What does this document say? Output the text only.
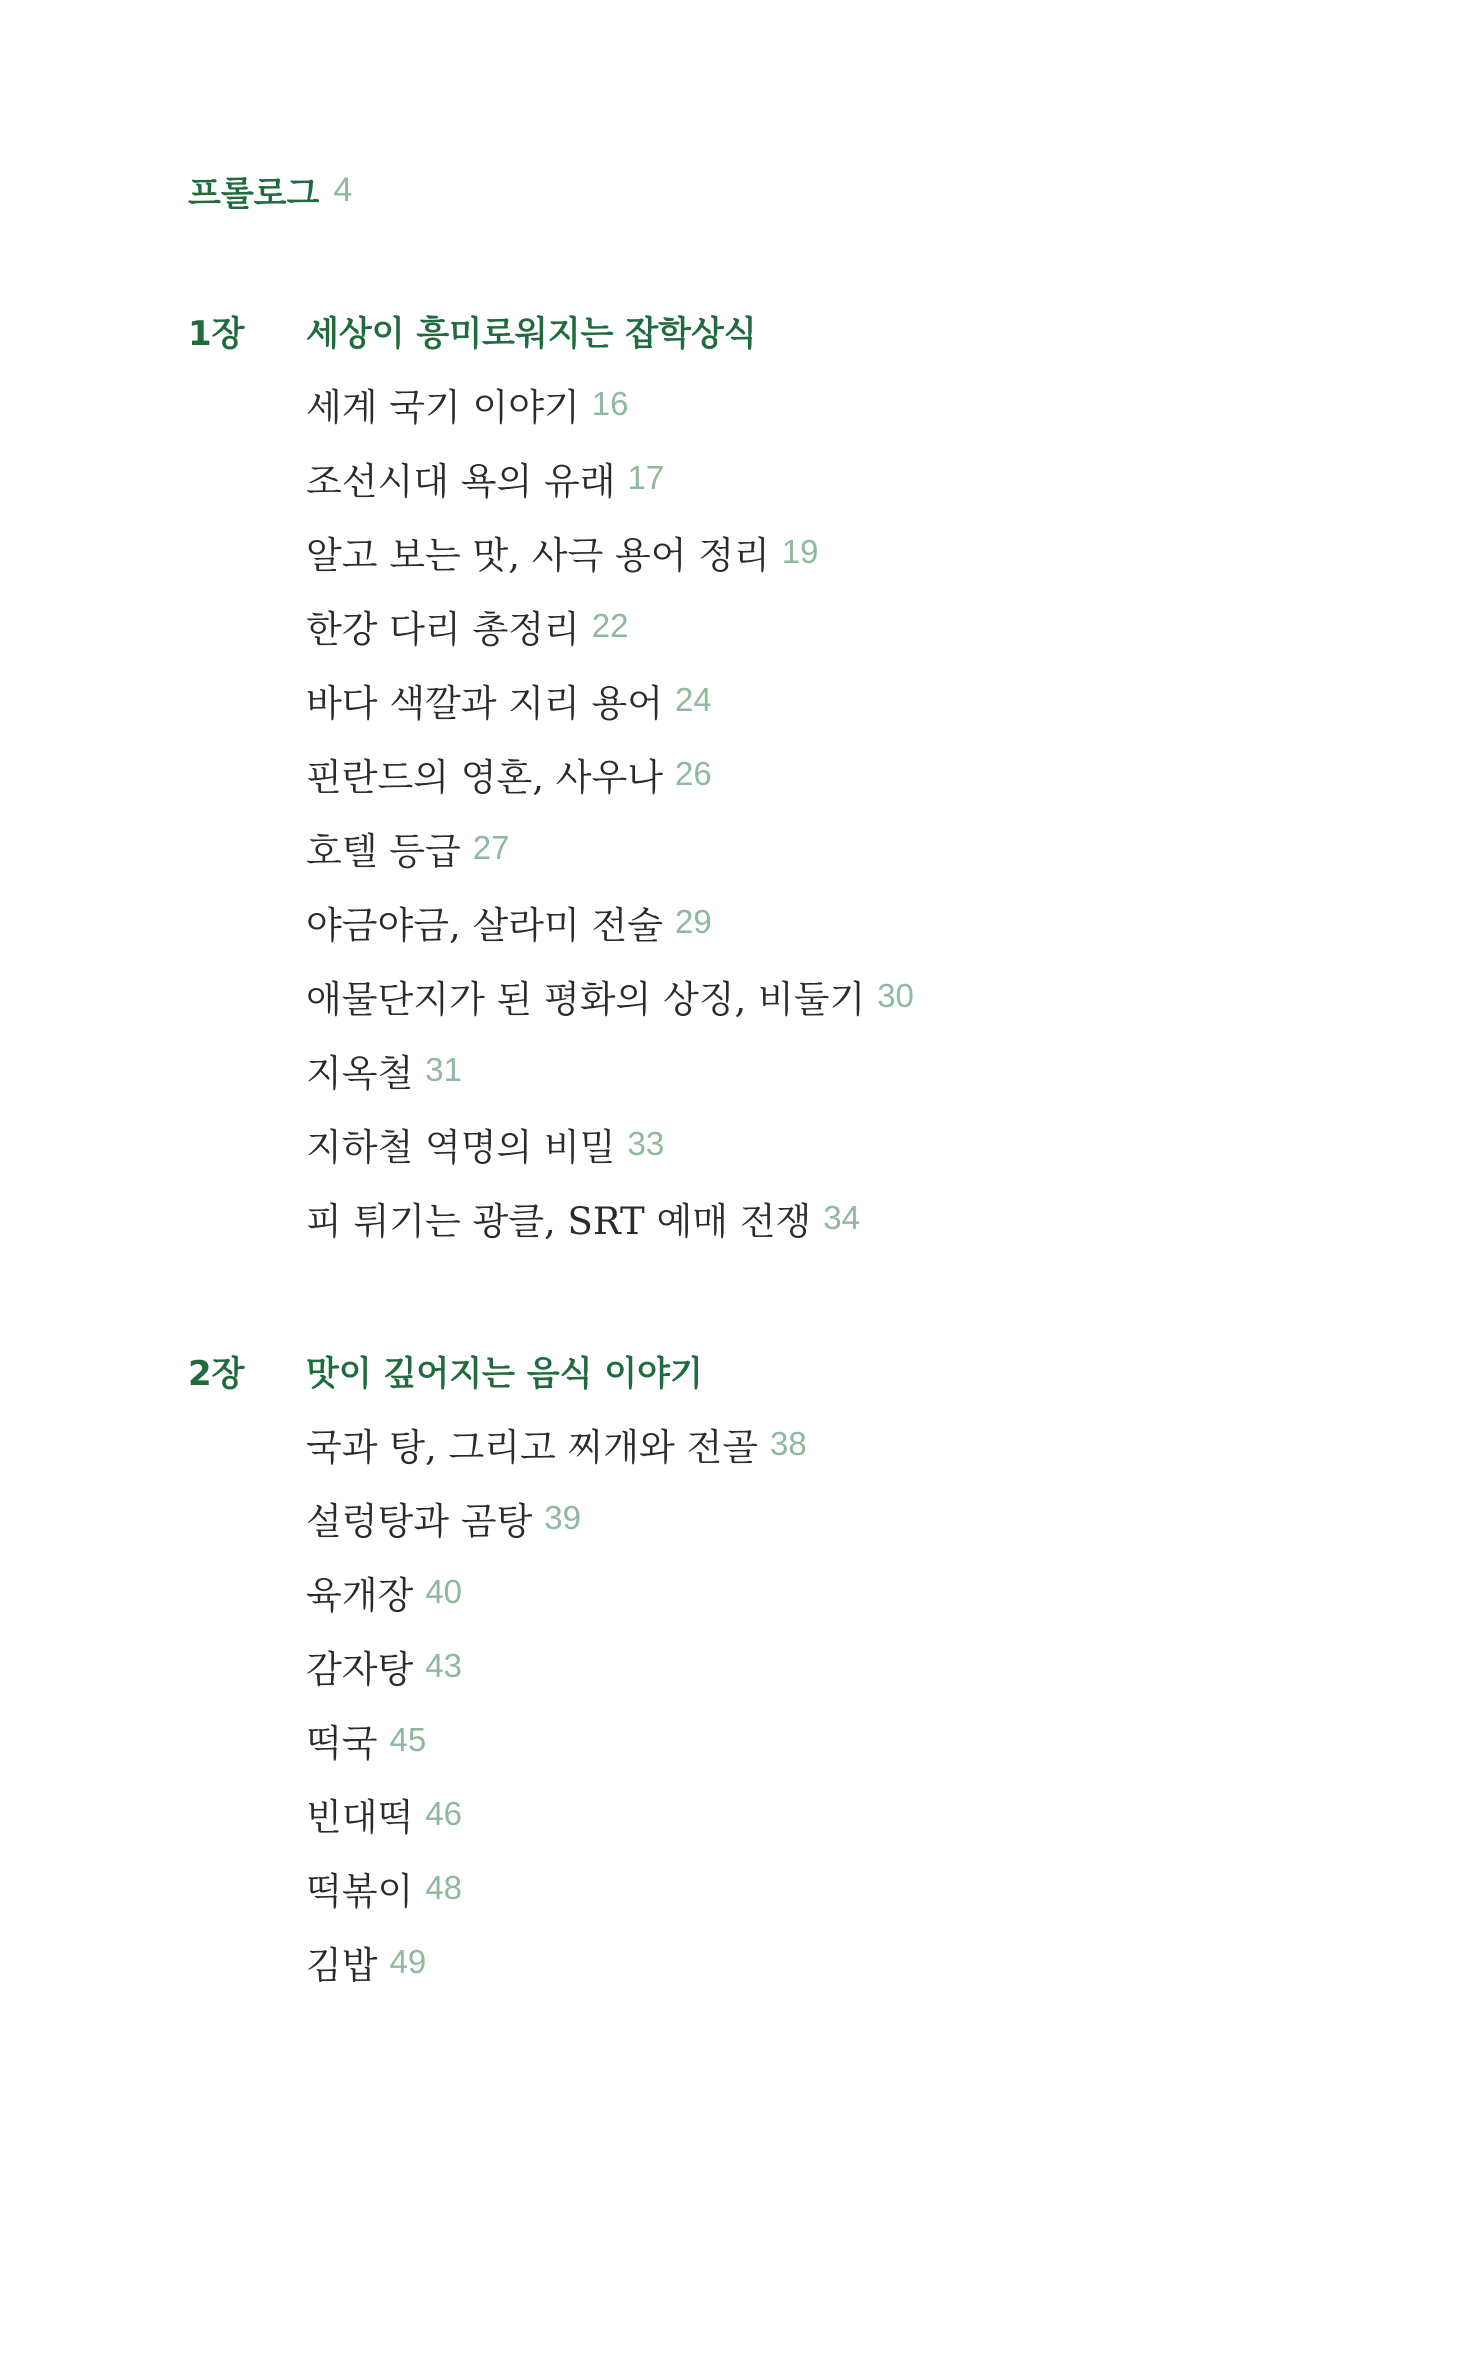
프롤로그 4
1장	세상이 흥미로워지는 잡학상식
세계 국기 이야기 16
조선시대 욕의 유래 17
알고 보는 맛, 사극 용어 정리 19
한강 다리 총정리 22
바다 색깔과 지리 용어 24
핀란드의 영혼, 사우나 26
호텔 등급 27
야금야금, 살라미 전술 29
애물단지가 된 평화의 상징, 비둘기 30
지옥철 31
지하철 역명의 비밀 33
피 튀기는 광클, SRT 예매 전쟁 34
2장	맛이 깊어지는 음식 이야기
국과 탕, 그리고 찌개와 전골 38
설렁탕과 곰탕 39
육개장 40
감자탕 43
떡국 45
빈대떡 46
떡볶이 48
김밥 49
